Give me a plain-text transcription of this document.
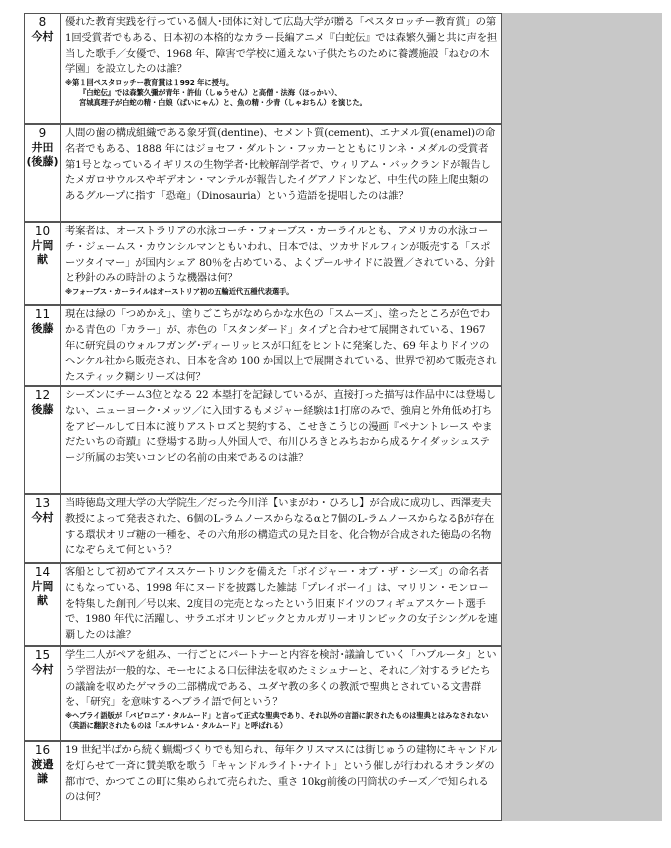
8
今村
優れた教育実践を行っている個人･団体に対して広島大学が贈る「ペスタロッチー教育賞」の第1回受賞者でもある、日本初の本格的なカラー長編アニメ『白蛇伝』では森繁久彌と共に声を担当した歌手／女優で、1968 年、障害で学校に通えない子供たちのために養護施設「ねむの木学園」を設立したのは誰？
※第１回ペスタロッチー教育賞は１992 年に授与。
『白蛇伝』では森繁久彌が青年・許仙（しゅうせん）と高僧・法海（ほっかい）、
宮城真理子が白蛇の精・白娘（ぱいにゃん）と、魚の精・少青（しゃおちん）を演じた。
9
井田
(後藤)
人間の歯の構成組織である象牙質(dentine)、セメント質(cement)、エナメル質(enamel)の命名者でもある、1888 年にはジョセフ・ダルトン・フッカーとともにリンネ・メダルの受賞者第1号となっているイギリスの生物学者･比較解剖学者で、ウィリアム・バックランドが報告したメガロサウルスやギデオン・マンテルが報告したイグアノドンなど、中生代の陸上爬虫類のあるグループに指す「恐竜」（Dinosauria）という造語を提唱したのは誰？
10
片岡
献
考案者は、オーストラリアの水泳コーチ・フォーブス・カーライルとも、アメリカの水泳コーチ・ジェームス・カウンシルマンともいわれ、日本では、ツカサドルフィンが販売する「スポーツタイマー」が国内シェア 80％を占めている、よくプールサイドに設置／されている、分針と秒針のみの時計のような機器は何？
※フォーブス・カーライルはオーストリア初の五輪近代五種代表選手。
11
後藤
現在は緑の「つめかえ」、塗りごこちがなめらかな水色の「スムーズ」、塗ったところが色でわかる青色の「カラー」が、赤色の「スタンダード」タイプと合わせて展開されている、1967 年に研究員のウォルフガング･ディーリッヒスが口紅をヒントに発案した、69 年よりドイツのヘンケル社から販売され、日本を含め 100 か国以上で展開されている、世界で初めて販売されたスティック糊シリーズは何？
12
後藤
シーズンにチーム3位となる 22 本塁打を記録しているが、直接打った描写は作品中には登場しない、ニューヨーク･メッツ／に入団するもメジャー経験は1打席のみで、強肩と外角低め打ちをアピールして日本に渡りアストロズと契約する、こせきこうじの漫画『ペナントレース やまだたいちの奇蹟』に登場する助っ人外国人で、布川ひろきとみちおから成るケイダッシュステージ所属のお笑いコンビの名前の由来であるのは誰？
13
今村
当時徳島文理大学の大学院生／だった今川洋【いまがわ・ひろし】が合成に成功し、西澤麦夫教授によって発表された、6個のL-ラムノースからなるαと7個のL-ラムノースからなるβが存在する環状オリゴ糖の一種を、その六角形の構造式の見た目を、化合物が合成された徳島の名物になぞらえて何という？
14
片岡
献
客船として初めてアイススケートリンクを備えた「ボイジャー・オブ・ザ・シーズ」の命名者にもなっている、1998 年にヌードを披露した雑誌「プレイボーイ」は、マリリン・モンローを特集した創刊／号以来、2度目の完売となったという旧東ドイツのフィギュアスケート選手で、1980 年代に活躍し、サラエボオリンピックとカルガリーオリンピックの女子シングルを連覇したのは誰？
15
今村
学生二人がペアを組み、一行ごとにパートナーと内容を検討･議論していく「ハブルータ」という学習法が一般的な、モーセによる口伝律法を収めたミシュナーと、それに／対するラビたちの議論を収めたゲマラの二部構成である、ユダヤ教の多くの教派で聖典とされている文書群を、「研究」を意味するヘブライ語で何という？
※ヘブライ語版が「バビロニア・タルムード」と言って正式な聖典であり、それ以外の言語に訳されたものは聖典とはみなされない（英語に翻訳されたものは「エルサレム・タルムード」と呼ばれる）
16
渡邉
謙
19 世紀半ばから続く蝋燭づくりでも知られ、毎年クリスマスには街じゅうの建物にキャンドルを灯らせて一斉に賛美歌を歌う「キャンドルライト･ナイト」という催しが行われるオランダの都市で、かつてこの町に集められて売られた、重さ 10kg前後の円筒状のチーズ／で知られるのは何？
